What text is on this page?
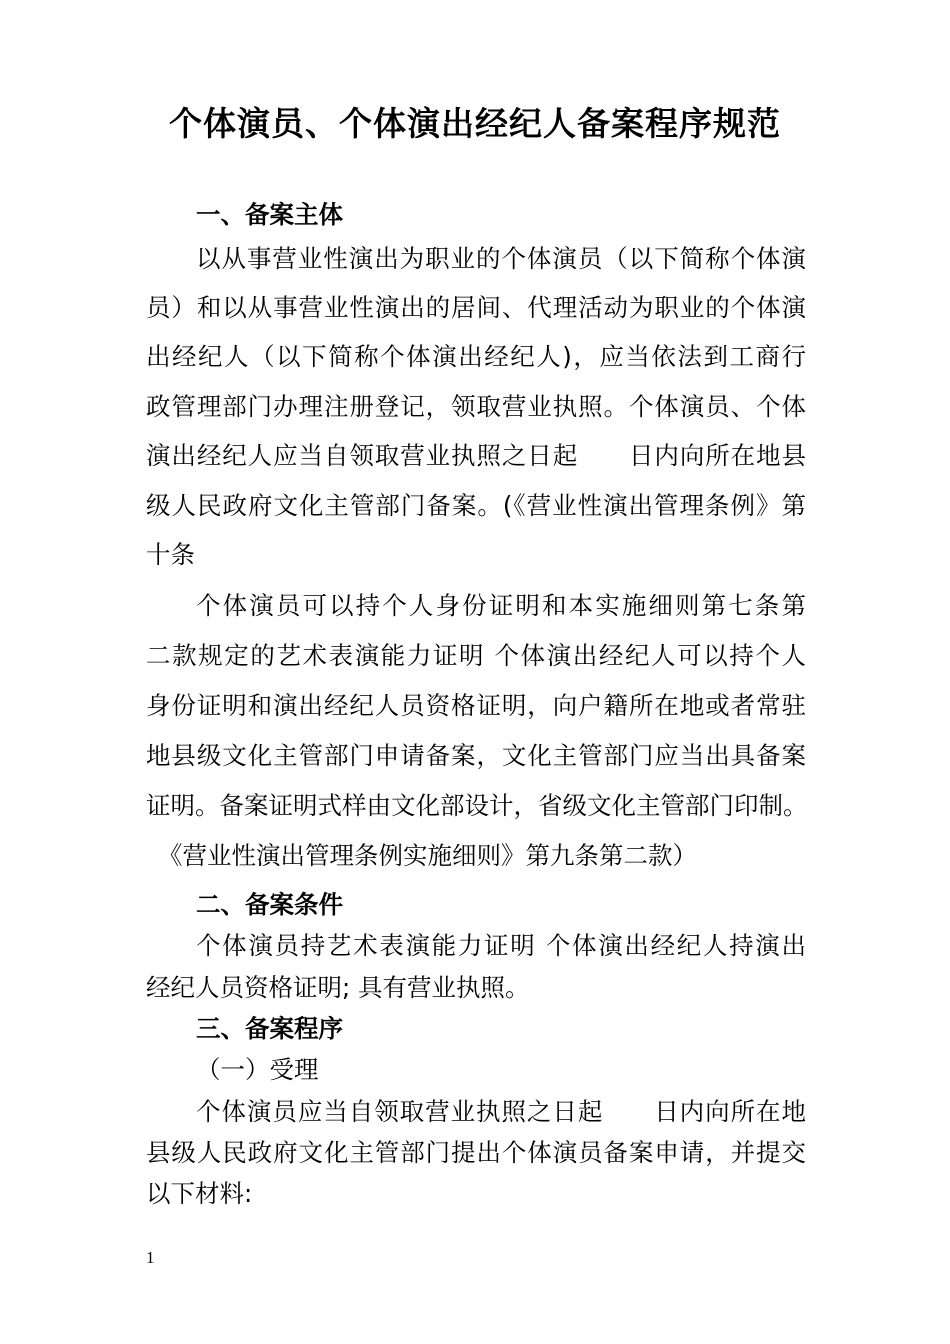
个体演员、个体演出经纪人备案程序规范
一、备案主体
以从事营业性演出为职业的个体演员（以下简称个体演
员）和以从事营业性演出的居间、代理活动为职业的个体演
出经纪人（以下简称个体演出经纪人)，应当依法到工商行
政管理部门办理注册登记，领取营业执照。个体演员、个体
演出经纪人应当自领取营业执照之日起　　日内向所在地县
级人民政府文化主管部门备案。(《营业性演出管理条例》第
十条
个体演员可以持个人身份证明和本实施细则第七条第
二款规定的艺术表演能力证明 个体演出经纪人可以持个人
身份证明和演出经纪人员资格证明，向户籍所在地或者常驻
地县级文化主管部门申请备案，文化主管部门应当出具备案
证明。备案证明式样由文化部设计，省级文化主管部门印制。
《营业性演出管理条例实施细则》第九条第二款）
二、备案条件
个体演员持艺术表演能力证明 个体演出经纪人持演出
经纪人员资格证明; 具有营业执照。
三、备案程序
（一）受理
个体演员应当自领取营业执照之日起　　日内向所在地
县级人民政府文化主管部门提出个体演员备案申请，并提交
以下材料:
1
